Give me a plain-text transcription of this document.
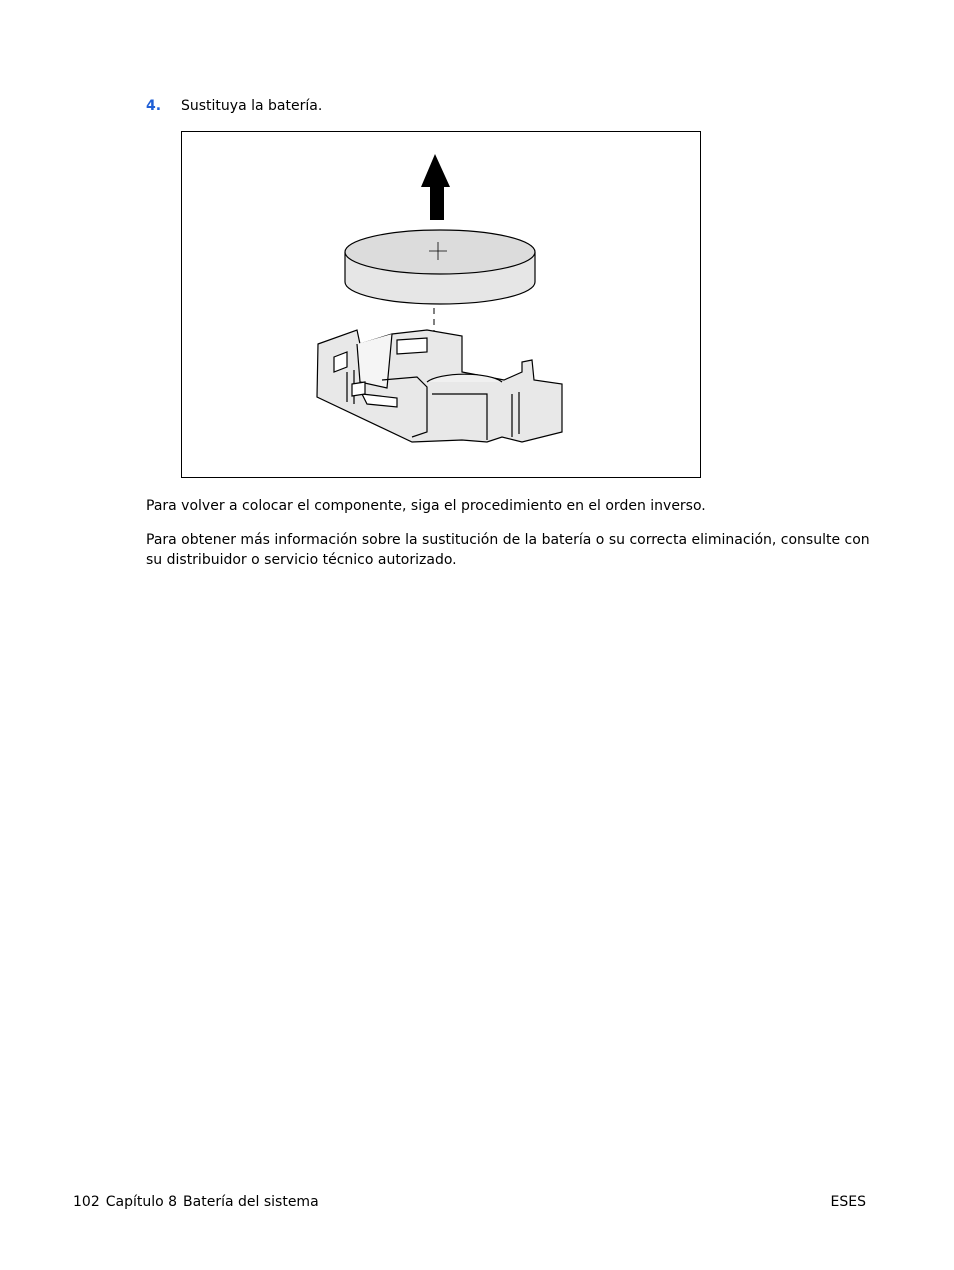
4. Sustituya la batería.
Para volver a colocar el componente, siga el procedimiento en el orden inverso.
Para obtener más información sobre la sustitución de la batería o su correcta eliminación, consulte con su distribuidor o servicio técnico autorizado.
102 Capítulo 8 Batería del sistema	ESES
